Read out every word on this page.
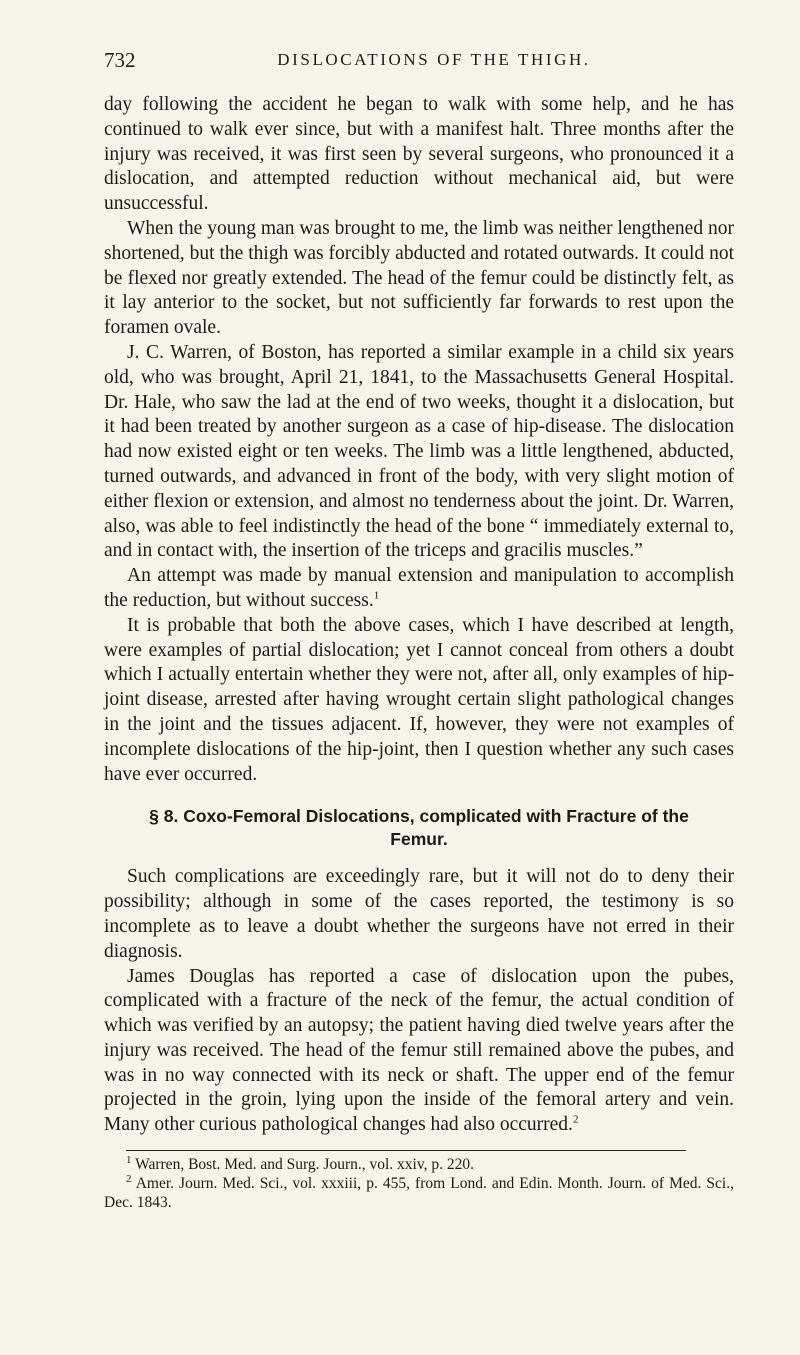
732	DISLOCATIONS OF THE THIGH.

day following the accident he began to walk with some help, and he has continued to walk ever since, but with a manifest halt. Three months after the injury was received, it was first seen by several surgeons, who pronounced it a dislocation, and attempted reduction without mechanical aid, but were unsuccessful.

When the young man was brought to me, the limb was neither lengthened nor shortened, but the thigh was forcibly abducted and rotated outwards. It could not be flexed nor greatly extended. The head of the femur could be distinctly felt, as it lay anterior to the socket, but not sufficiently far forwards to rest upon the foramen ovale.

J. C. Warren, of Boston, has reported a similar example in a child six years old, who was brought, April 21, 1841, to the Massachusetts General Hospital. Dr. Hale, who saw the lad at the end of two weeks, thought it a dislocation, but it had been treated by another surgeon as a case of hip-disease. The dislocation had now existed eight or ten weeks. The limb was a little lengthened, abducted, turned outwards, and advanced in front of the body, with very slight motion of either flexion or extension, and almost no tenderness about the joint. Dr. Warren, also, was able to feel indistinctly the head of the bone “ immediately external to, and in contact with, the insertion of the triceps and gracilis muscles.”

An attempt was made by manual extension and manipulation to accomplish the reduction, but without success.$^1$

It is probable that both the above cases, which I have described at length, were examples of partial dislocation; yet I cannot conceal from others a doubt which I actually entertain whether they were not, after all, only examples of hip-joint disease, arrested after having wrought certain slight pathological changes in the joint and the tissues adjacent. If, however, they were not examples of incomplete dislocations of the hip-joint, then I question whether any such cases have ever occurred.

§ 8. Coxo-Femoral Dislocations, complicated with Fracture of the Femur.

Such complications are exceedingly rare, but it will not do to deny their possibility; although in some of the cases reported, the testimony is so incomplete as to leave a doubt whether the surgeons have not erred in their diagnosis.

James Douglas has reported a case of dislocation upon the pubes, complicated with a fracture of the neck of the femur, the actual condition of which was verified by an autopsy; the patient having died twelve years after the injury was received. The head of the femur still remained above the pubes, and was in no way connected with its neck or shaft. The upper end of the femur projected in the groin, lying upon the inside of the femoral artery and vein. Many other curious pathological changes had also occurred.$^2$

$^1$ Warren, Bost. Med. and Surg. Journ., vol. xxiv, p. 220.

$^2$ Amer. Journ. Med. Sci., vol. xxxiii, p. 455, from Lond. and Edin. Month. Journ. of Med. Sci., Dec. 1843.
